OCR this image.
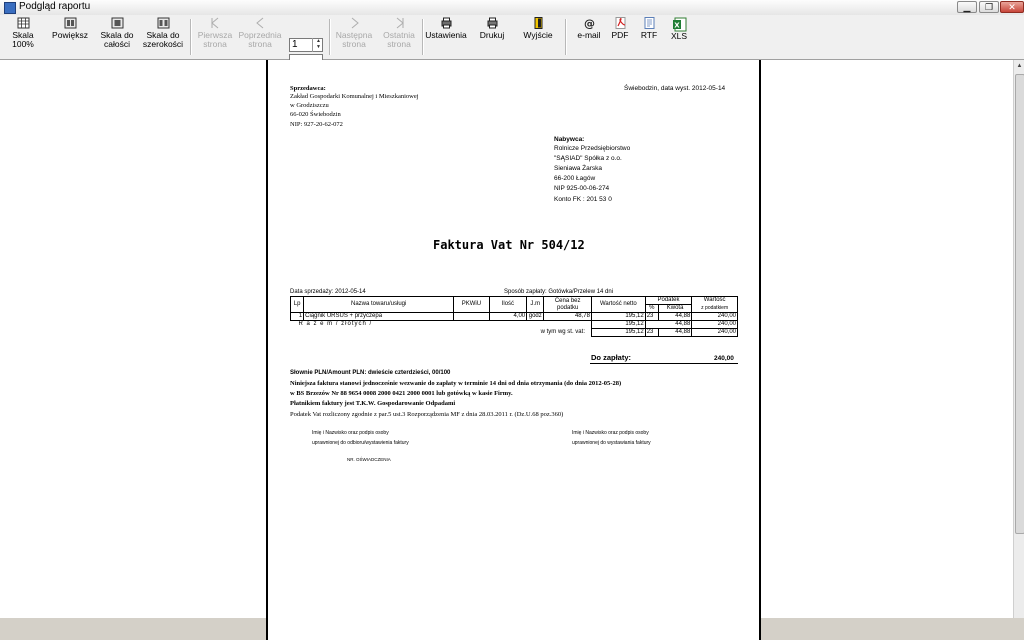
Podgląd raportu	▁	❐	✕
Skala 100%
Powiększ	Skala do całości
Skala do szerokości
Pierwsza strona
Poprzednia strona	1	▲
▼
Następna strona
Ostatnia strona
Ustawienia	Drukuj	Wyjście
@
e-mail	PDF	RTF
X
XLS
▲
Sprzedawca:
Zakład Gospodarki Komunalnej i Mieszkaniowej
w Grodziszczu
66-020 Świebodzin
NIP: 927-20-62-072
Świebodzin, data wyst. 2012-05-14
Nabywca:
Rolnicze Przedsiębiorstwo
"SĄSIAD" Spółka z o.o.
Sieniawa Żarska
66-200 Łagów
NIP 925-00-06-274
Konto FK : 201 53 0
Faktura Vat Nr 504/12
Data sprzedaży: 2012-05-14	Sposób zapłaty: Gotówka/Przelew 14 dni
Lp	Nazwa towaru/usługi	PKWiU	Ilość	J.m	Cena bez podatku	Wartość netto	Podatek		Wartość
							%	Kwota	z podatkiem
1	Ciągnik URSUS + przyczepa		4,00	godz	48,78	195,12	23	44,88	240,00
R a z e m / złotych /						195,12	44,88		240,00
w tym wg st. vat:						195,12	23	44,88	240,00
Do zapłaty:	240,00
Słownie PLN/Amount PLN: dwieście czterdzieści, 00/100
Niniejsza faktura stanowi jednocześnie wezwanie do zapłaty w terminie 14 dni od dnia otrzymania (do dnia 2012-05-28)
w BS Brzezów Nr 88 9654 0008 2000 0421 2000 0001 lub gotówką w kasie Firmy.
Płatnikiem faktury jest T.K.W. Gospodarowanie Odpadami
Podatek Vat rozliczony zgodnie z par.5 ust.3 Rozporządzenia MF z dnia 28.03.2011 r. (Dz.U.68 poz.360)
Imię i Nazwisko oraz podpis osoby
uprawnionej do odbioru/wystawienia faktury
Imię i Nazwisko oraz podpis osoby
uprawnionej do wystawiania faktury
NR. OŚWIADCZENIA
